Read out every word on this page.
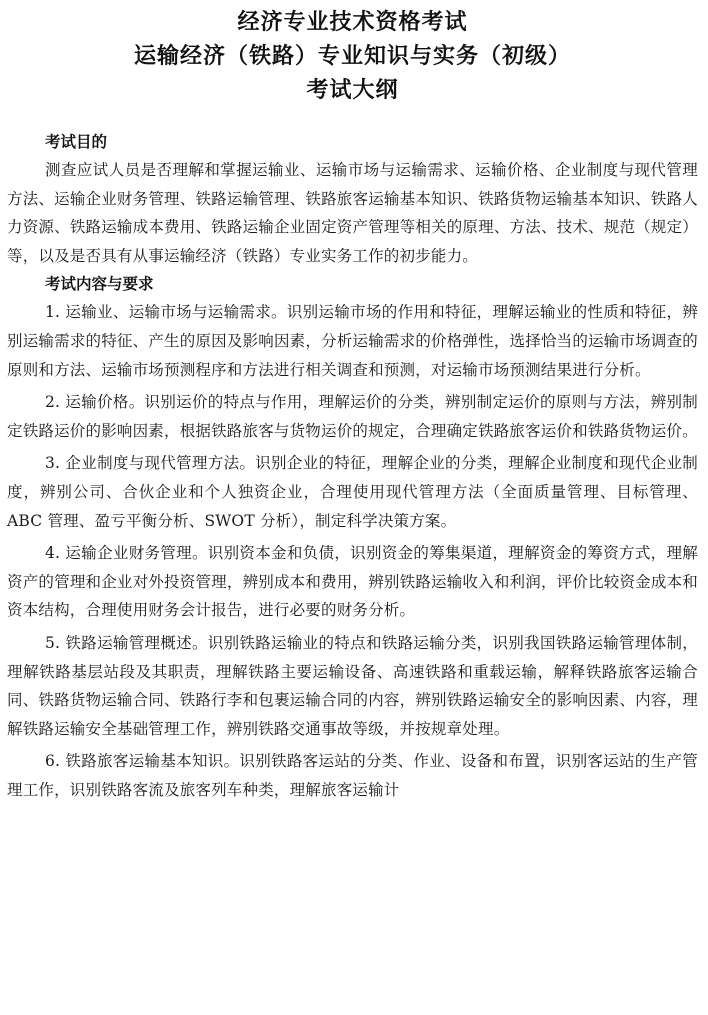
经济专业技术资格考试
运输经济（铁路）专业知识与实务（初级）
考试大纲
考试目的

测查应试人员是否理解和掌握运输业、运输市场与运输需求、运输价格、企业制度与现代管理方法、运输企业财务管理、铁路运输管理、铁路旅客运输基本知识、铁路货物运输基本知识、铁路人力资源、铁路运输成本费用、铁路运输企业固定资产管理等相关的原理、方法、技术、规范（规定）等，以及是否具有从事运输经济（铁路）专业实务工作的初步能力。

考试内容与要求

1. 运输业、运输市场与运输需求。识别运输市场的作用和特征，理解运输业的性质和特征，辨别运输需求的特征、产生的原因及影响因素，分析运输需求的价格弹性，选择恰当的运输市场调查的原则和方法、运输市场预测程序和方法进行相关调查和预测，对运输市场预测结果进行分析。

2. 运输价格。识别运价的特点与作用，理解运价的分类，辨别制定运价的原则与方法，辨别制定铁路运价的影响因素，根据铁路旅客与货物运价的规定，合理确定铁路旅客运价和铁路货物运价。

3. 企业制度与现代管理方法。识别企业的特征，理解企业的分类，理解企业制度和现代企业制度，辨别公司、合伙企业和个人独资企业，合理使用现代管理方法（全面质量管理、目标管理、ABC 管理、盈亏平衡分析、SWOT 分析），制定科学决策方案。

4. 运输企业财务管理。识别资本金和负债，识别资金的筹集渠道，理解资金的筹资方式，理解资产的管理和企业对外投资管理，辨别成本和费用，辨别铁路运输收入和利润，评价比较资金成本和资本结构，合理使用财务会计报告，进行必要的财务分析。

5. 铁路运输管理概述。识别铁路运输业的特点和铁路运输分类，识别我国铁路运输管理体制，理解铁路基层站段及其职责，理解铁路主要运输设备、高速铁路和重载运输，解释铁路旅客运输合同、铁路货物运输合同、铁路行李和包裹运输合同的内容，辨别铁路运输安全的影响因素、内容，理解铁路运输安全基础管理工作，辨别铁路交通事故等级，并按规章处理。

6. 铁路旅客运输基本知识。识别铁路客运站的分类、作业、设备和布置，识别客运站的生产管理工作，识别铁路客流及旅客列车种类，理解旅客运输计
